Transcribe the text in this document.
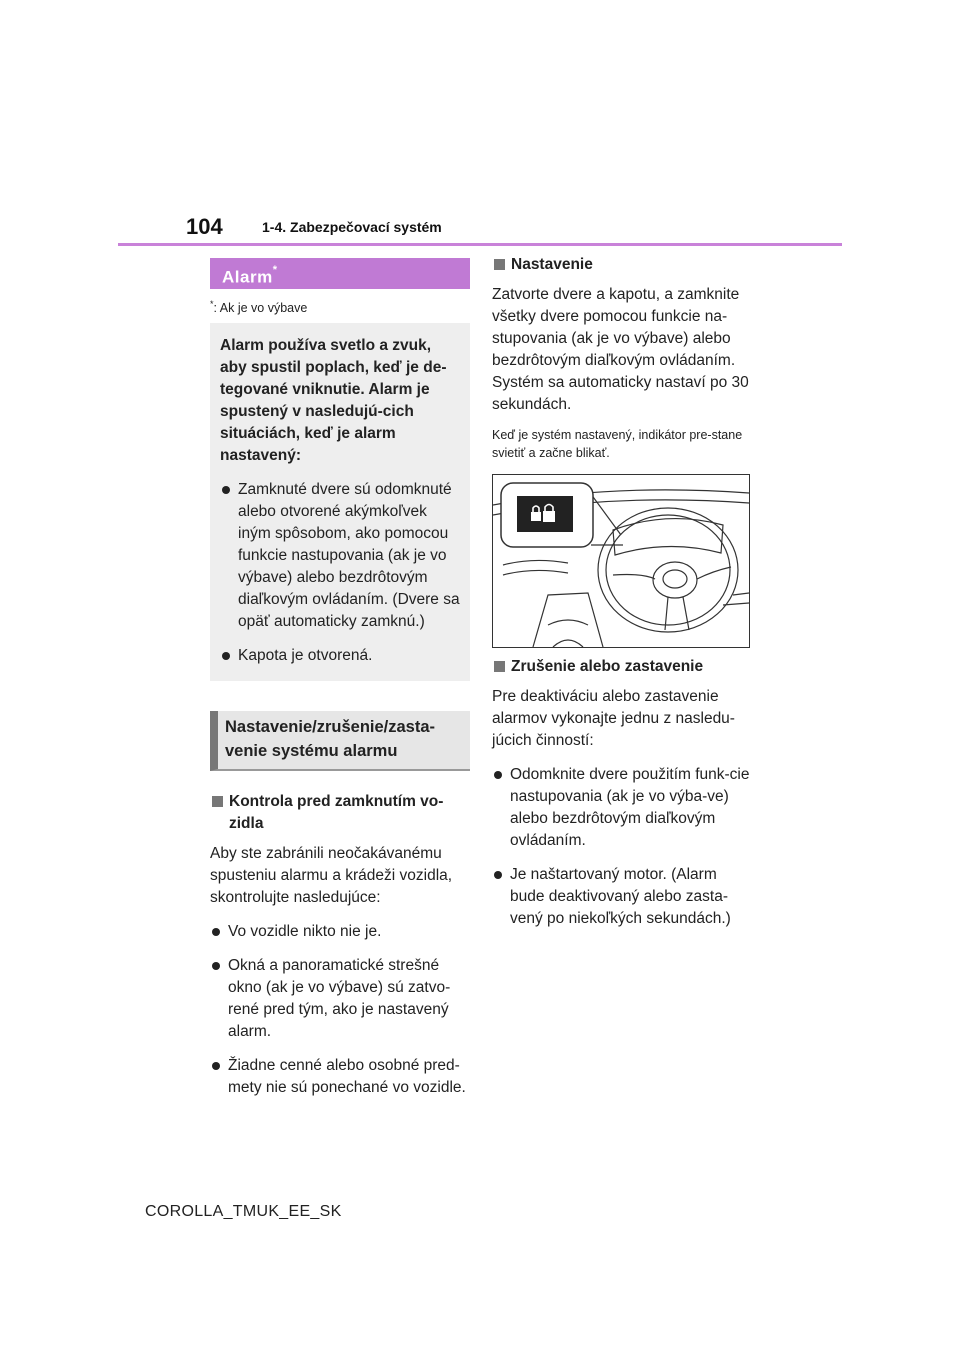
104	1-4. Zabezpečovací systém
Alarm*

*: Ak je vo výbave

Alarm používa svetlo a zvuk, aby spustil poplach, keď je de-tegované vniknutie. Alarm je spustený v nasledujú-cich situáciách, keď je alarm nastavený:

Zamknuté dvere sú odomknuté alebo otvorené akýmkoľvek iným spôsobom, ako pomocou funkcie nastupovania (ak je vo výbave) alebo bezdrôtovým diaľkovým ovládaním. (Dvere sa opäť automaticky zamknú.)
Kapota je otvorená.
Nastavenie/zrušenie/zasta-venie systému alarmu

Kontrola pred zamknutím vo-zidla

Aby ste zabránili neočakávanému spusteniu alarmu a krádeži vozidla, skontrolujte nasledujúce:

Vo vozidle nikto nie je.
Okná a panoramatické strešné okno (ak je vo výbave) sú zatvo-rené pred tým, ako je nastavený alarm.
Žiadne cenné alebo osobné pred-mety nie sú ponechané vo vozidle.

Nastavenie

Zatvorte dvere a kapotu, a zamknite všetky dvere pomocou funkcie na-stupovania (ak je vo výbave) alebo bezdrôtovým diaľkovým ovládaním. Systém sa automaticky nastaví po 30 sekundách.

Keď je systém nastavený, indikátor pre-stane svietiť a začne blikať.

Zrušenie alebo zastavenie

Pre deaktiváciu alebo zastavenie alarmov vykonajte jednu z nasledu-júcich činností:

Odomknite dvere použitím funk-cie nastupovania (ak je vo výba-ve) alebo bezdrôtovým diaľkovým ovládaním.
Je naštartovaný motor. (Alarm bude deaktivovaný alebo zasta-vený po niekoľkých sekundách.)
COROLLA_TMUK_EE_SK
